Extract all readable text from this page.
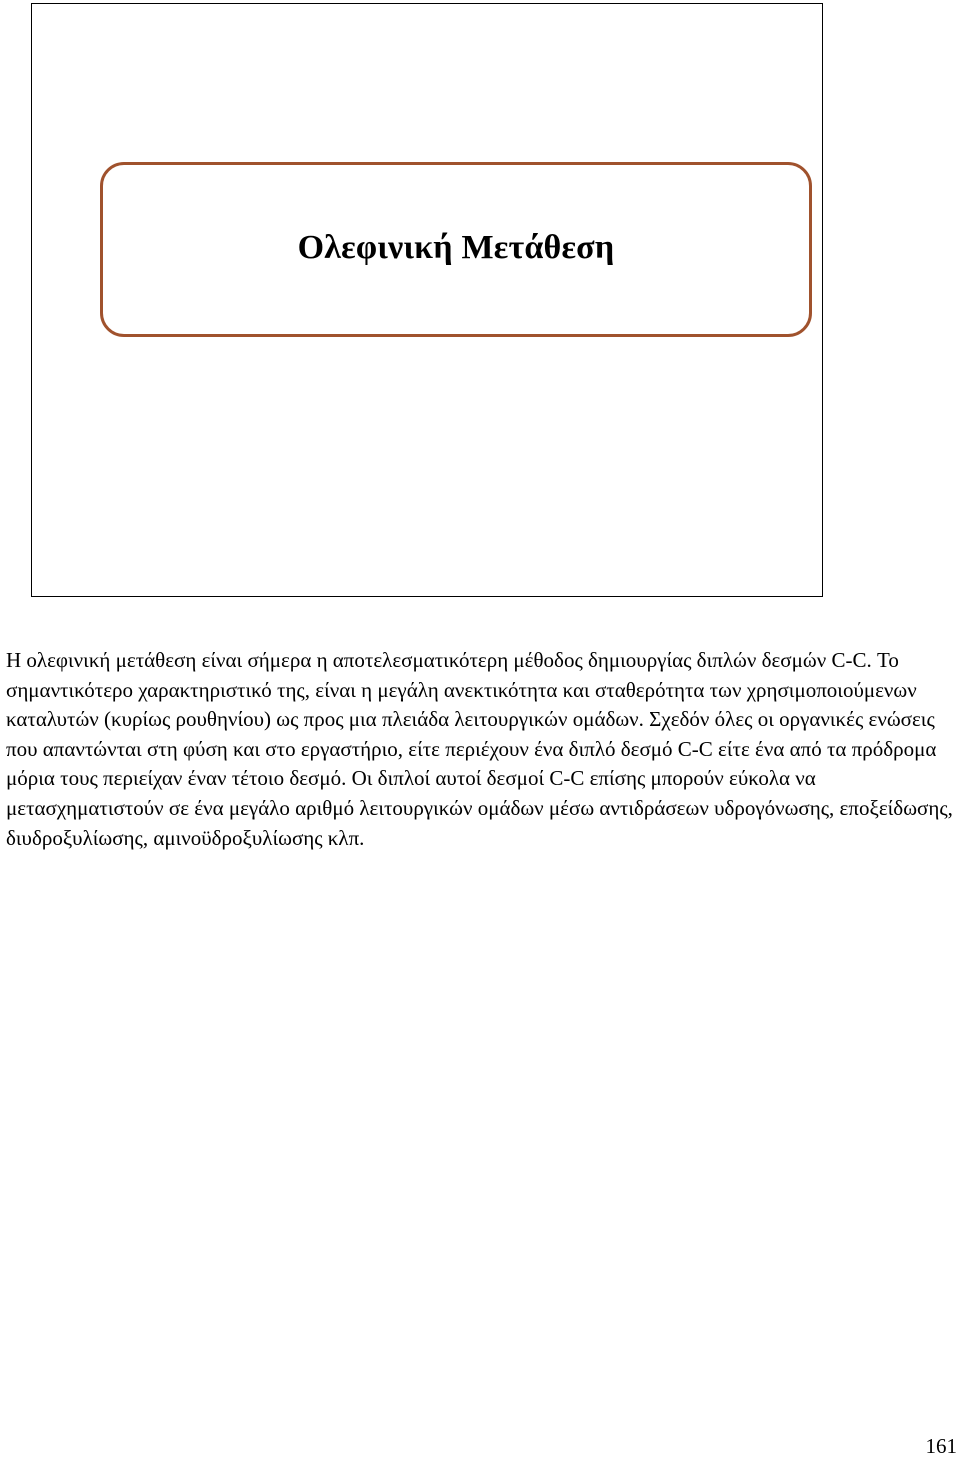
Ολεφινική Μετάθεση

Η ολεφινική μετάθεση είναι σήμερα η αποτελεσματικότερη μέθοδος δημιουργίας διπλών δεσμών C-C. Το σημαντικότερο χαρακτηριστικό της, είναι η μεγάλη ανεκτικότητα και σταθερότητα των χρησιμοποιούμενων καταλυτών (κυρίως ρουθηνίου) ως προς μια πλειάδα λειτουργικών ομάδων. Σχεδόν όλες οι οργανικές ενώσεις που απαντώνται στη φύση και στο εργαστήριο, είτε περιέχουν ένα διπλό δεσμό C-C είτε ένα από τα πρόδρομα μόρια τους περιείχαν έναν τέτοιο δεσμό. Οι διπλοί αυτοί δεσμοί C-C επίσης μπορούν εύκολα να μετασχηματιστούν σε ένα μεγάλο αριθμό λειτουργικών ομάδων μέσω αντιδράσεων υδρογόνωσης, εποξείδωσης, διυδροξυλίωσης, αμινοϋδροξυλίωσης κλπ.

161
